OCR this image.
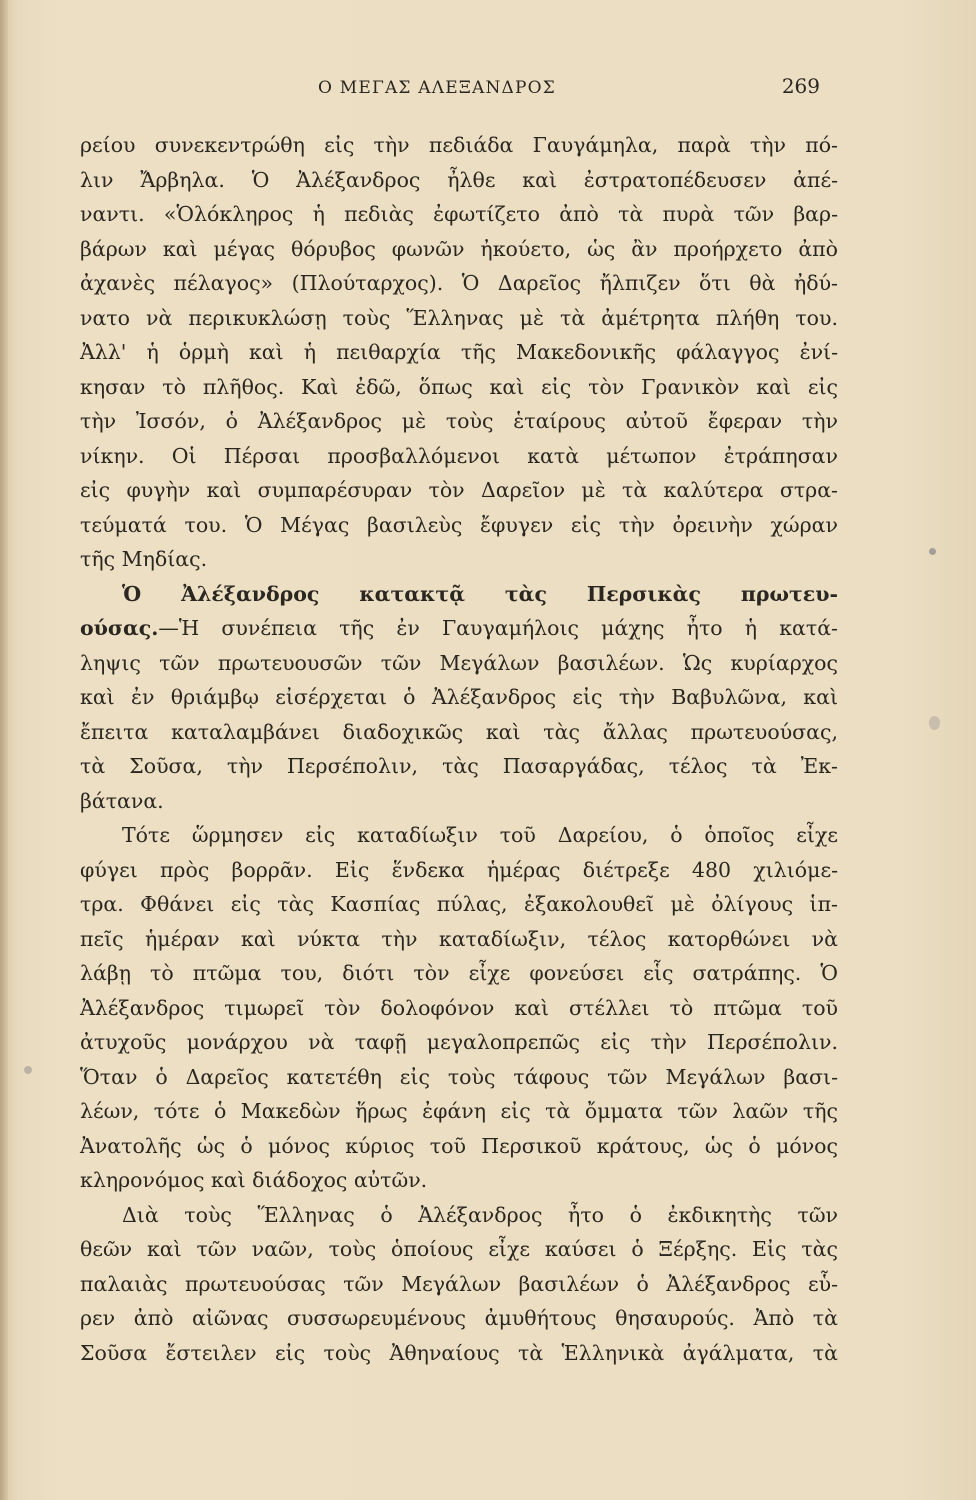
Ο ΜΕΓΑΣ ΑΛΕΞΑΝΔΡΟΣ	269
ρείου συνεκεντρώθη εἰς τὴν πεδιάδα Γαυγάμηλα, παρὰ τὴν πό-
λιν Ἄρβηλα. Ὁ Ἀλέξανδρος ἦλθε καὶ ἐστρατοπέδευσεν ἀπέ-
ναντι. «Ὁλόκληρος ἡ πεδιὰς ἐφωτίζετο ἀπὸ τὰ πυρὰ τῶν βαρ-
βάρων καὶ μέγας θόρυβος φωνῶν ἠκούετο, ὡς ἂν προήρχετο ἀπὸ
ἀχανὲς πέλαγος» (Πλούταρχος). Ὁ Δαρεῖος ἤλπιζεν ὅτι θὰ ἠδύ-
νατο νὰ περικυκλώσῃ τοὺς Ἕλληνας μὲ τὰ ἀμέτρητα πλήθη του.
Ἀλλ' ἡ ὁρμὴ καὶ ἡ πειθαρχία τῆς Μακεδονικῆς φάλαγγος ἐνί-
κησαν τὸ πλῆθος. Καὶ ἐδῶ, ὅπως καὶ εἰς τὸν Γρανικὸν καὶ εἰς
τὴν Ἰσσόν, ὁ Ἀλέξανδρος μὲ τοὺς ἑταίρους αὐτοῦ ἔφεραν τὴν
νίκην. Οἱ Πέρσαι προσβαλλόμενοι κατὰ μέτωπον ἐτράπησαν
εἰς φυγὴν καὶ συμπαρέσυραν τὸν Δαρεῖον μὲ τὰ καλύτερα στρα-
τεύματά του. Ὁ Μέγας βασιλεὺς ἔφυγεν εἰς τὴν ὀρεινὴν χώραν
τῆς Μηδίας.
Ὁ Ἀλέξανδρος κατακτᾷ τὰς Περσικὰς πρωτευ-
ούσας.—Ἡ συνέπεια τῆς ἐν Γαυγαμήλοις μάχης ἦτο ἡ κατά-
ληψις τῶν πρωτευουσῶν τῶν Μεγάλων βασιλέων. Ὡς κυρίαρχος
καὶ ἐν θριάμβῳ εἰσέρχεται ὁ Ἀλέξανδρος εἰς τὴν Βαβυλῶνα, καὶ
ἔπειτα καταλαμβάνει διαδοχικῶς καὶ τὰς ἄλλας πρωτευούσας,
τὰ Σοῦσα, τὴν Περσέπολιν, τὰς Πασαργάδας, τέλος τὰ Ἐκ-
βάτανα.
Τότε ὥρμησεν εἰς καταδίωξιν τοῦ Δαρείου, ὁ ὁποῖος εἶχε
φύγει πρὸς βορρᾶν. Εἰς ἕνδεκα ἡμέρας διέτρεξε 480 χιλιόμε-
τρα. Φθάνει εἰς τὰς Κασπίας πύλας, ἐξακολουθεῖ μὲ ὀλίγους ἱπ-
πεῖς ἡμέραν καὶ νύκτα τὴν καταδίωξιν, τέλος κατορθώνει νὰ
λάβῃ τὸ πτῶμα του, διότι τὸν εἶχε φονεύσει εἷς σατράπης. Ὁ
Ἀλέξανδρος τιμωρεῖ τὸν δολοφόνον καὶ στέλλει τὸ πτῶμα τοῦ
ἀτυχοῦς μονάρχου νὰ ταφῇ μεγαλοπρεπῶς εἰς τὴν Περσέπολιν.
Ὅταν ὁ Δαρεῖος κατετέθη εἰς τοὺς τάφους τῶν Μεγάλων βασι-
λέων, τότε ὁ Μακεδὼν ἥρως ἐφάνη εἰς τὰ ὄμματα τῶν λαῶν τῆς
Ἀνατολῆς ὡς ὁ μόνος κύριος τοῦ Περσικοῦ κράτους, ὡς ὁ μόνος
κληρονόμος καὶ διάδοχος αὐτῶν.
Διὰ τοὺς Ἕλληνας ὁ Ἀλέξανδρος ἦτο ὁ ἐκδικητὴς τῶν
θεῶν καὶ τῶν ναῶν, τοὺς ὁποίους εἶχε καύσει ὁ Ξέρξης. Εἰς τὰς
παλαιὰς πρωτευούσας τῶν Μεγάλων βασιλέων ὁ Ἀλέξανδρος εὗ-
ρεν ἀπὸ αἰῶνας συσσωρευμένους ἀμυθήτους θησαυρούς. Ἀπὸ τὰ
Σοῦσα ἔστειλεν εἰς τοὺς Ἀθηναίους τὰ Ἑλληνικὰ ἀγάλματα, τὰ
